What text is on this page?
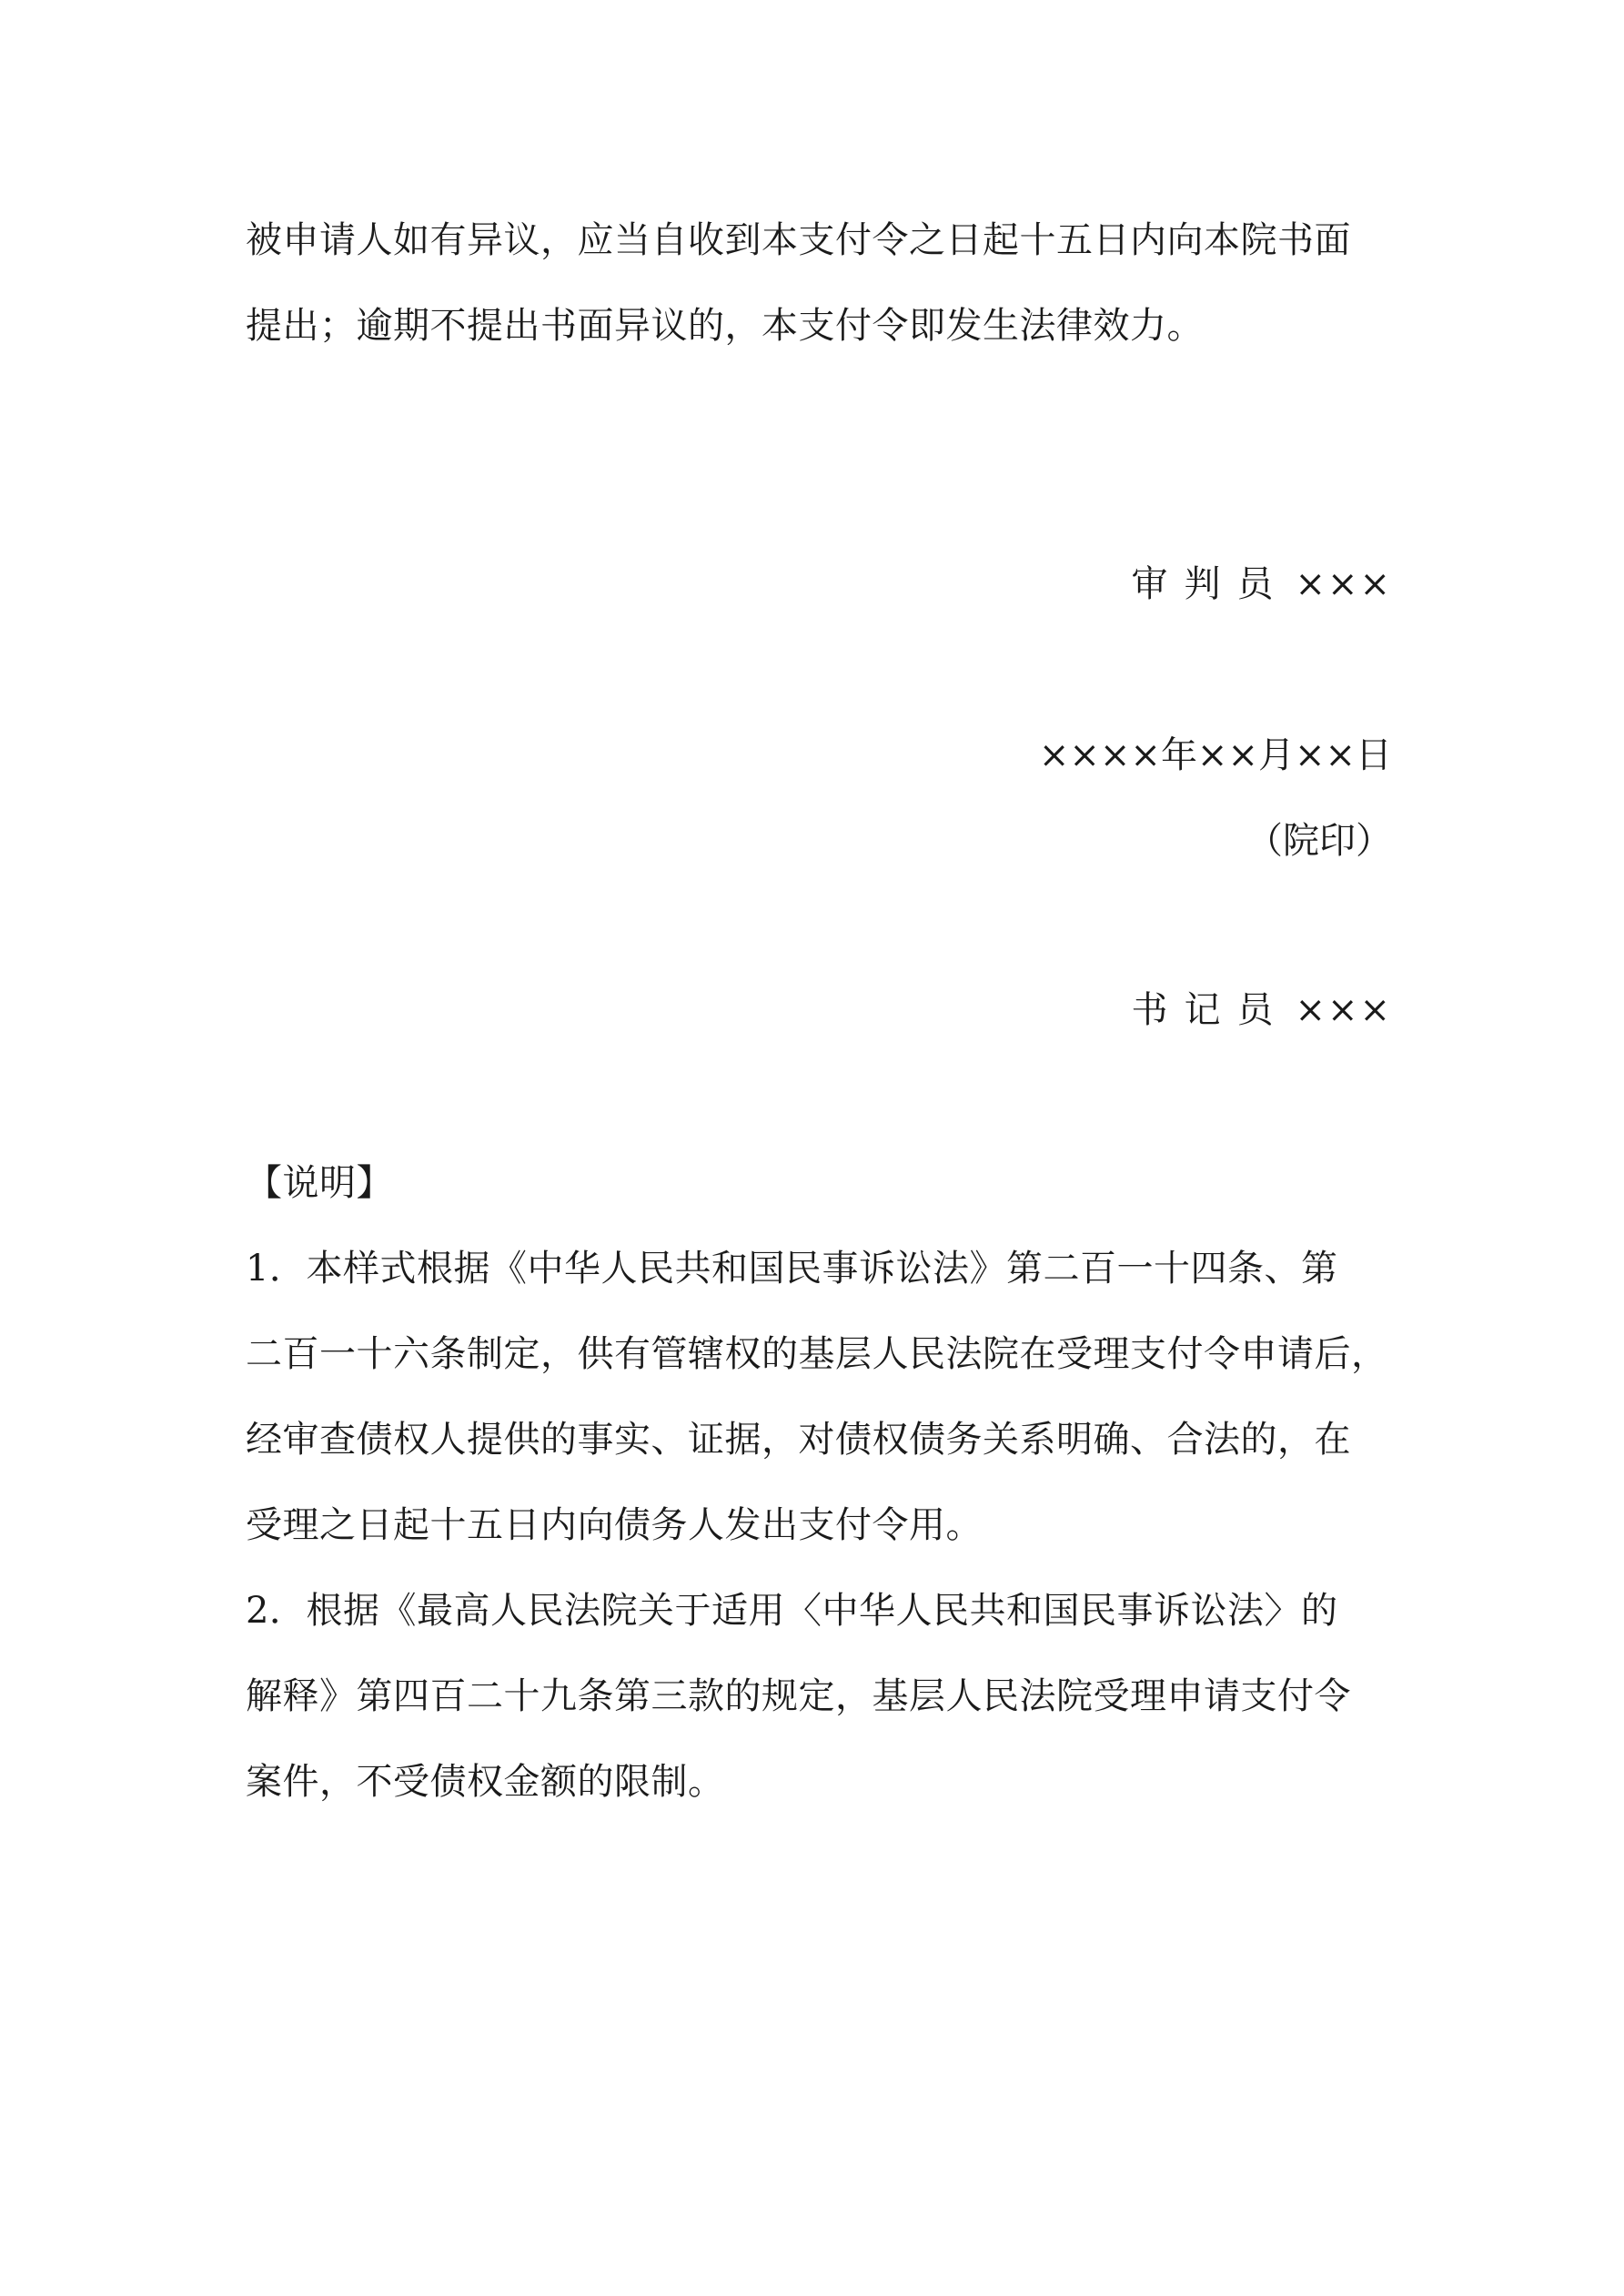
被申请人如有异议，应当自收到本支付令之日起十五日内向本院书面
提出；逾期不提出书面异议的，本支付令即发生法律效力。
审判员 ×××
××××年××月××日
（院印）
书记员 ×××
【说明】
1．本样式根据《中华人民共和国民事诉讼法》第二百一十四条、第
二百一十六条制定，供有管辖权的基层人民法院在受理支付令申请后，
经审查债权人提供的事实、证据，对债权债务关系明确、合法的，在
受理之日起十五日内向债务人发出支付令用。
2．根据《最高人民法院关于适用〈中华人民共和国民事诉讼法〉的
解释》第四百二十九条第三款的规定，基层人民法院受理申请支付令
案件，不受债权金额的限制。
